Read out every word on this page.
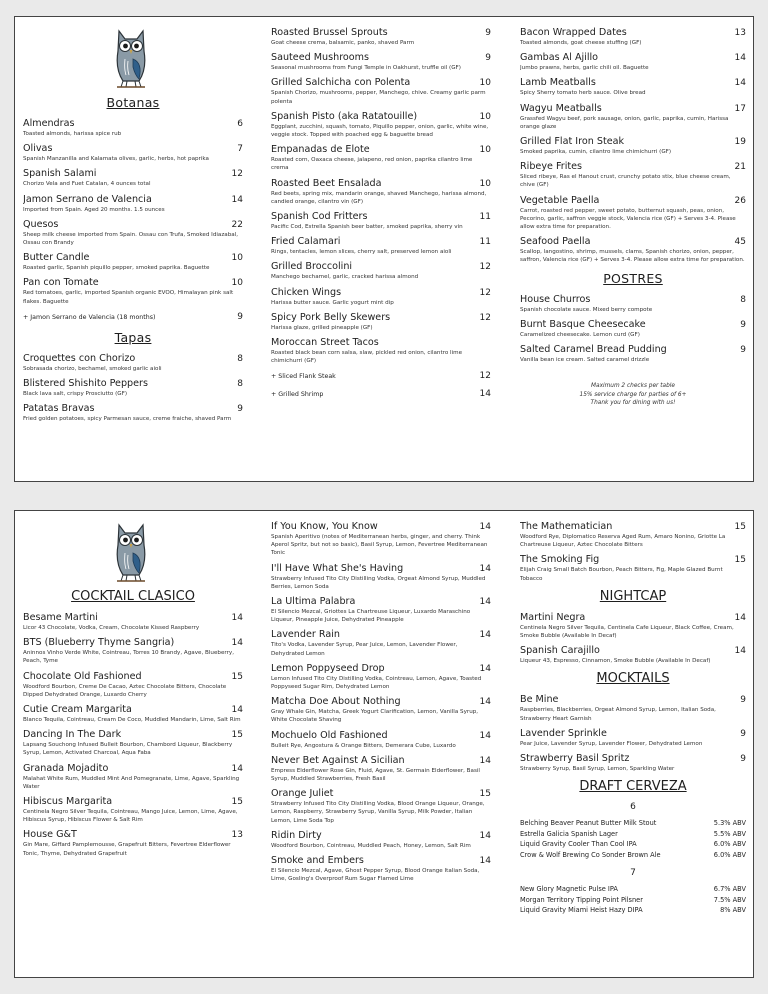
Botanas
Almendras	6
Toasted almonds, harissa spice rub
Olivas	7
Spanish Manzanilla and Kalamata olives, garlic, herbs, hot paprika
Spanish Salami	12
Chorizo Vela and Fuet Catalan, 4 ounces total
Jamon Serrano de Valencia	14
Imported from Spain. Aged 20 months. 1.5 ounces
Quesos	22
Sheep milk cheese imported from Spain. Ossau con Trufa, Smoked Idiazabal, Ossau con Brandy
Butter Candle	10
Roasted garlic, Spanish piquillo pepper, smoked paprika. Baguette
Pan con Tomate	10
Red tomatoes, garlic, imported Spanish organic EVOO, Himalayan pink salt flakes. Baguette
+ Jamon Serrano de Valencia (18 months)	9
Tapas
Croquettes con Chorizo	8
Sobrasada chorizo, bechamel, smoked garlic aioli
Blistered Shishito Peppers	8
Black lava salt, crispy Prosciutto (GF)
Patatas Bravas	9
Fried golden potatoes, spicy Parmesan sauce, creme fraiche, shaved Parm
Roasted Brussel Sprouts	9
Goat cheese crema, balsamic, panko, shaved Parm
Sauteed Mushrooms	9
Seasonal mushrooms from Fungi Temple in Oakhurst, truffle oil (GF)
Grilled Salchicha con Polenta	10
Spanish Chorizo, mushrooms, pepper, Manchego, chive. Creamy garlic parm polenta
Spanish Pisto (aka Ratatouille)	10
Eggplant, zucchini, squash, tomato, Piquillo pepper, onion, garlic, white wine, veggie stock. Topped with poached egg & baguette bread
Empanadas de Elote	10
Roasted corn, Oaxaca cheese, jalapeno, red onion, paprika cilantro lime crema
Roasted Beet Ensalada	10
Red beets, spring mix, mandarin orange, shaved Manchego, harissa almond, candied orange, cilantro vin (GF)
Spanish Cod Fritters	11
Pacific Cod, Estrella Spanish beer batter, smoked paprika, sherry vin
Fried Calamari	11
Rings, tentacles, lemon slices, cherry salt, preserved lemon aioli
Grilled Broccolini	12
Manchego bechamel, garlic, cracked harissa almond
Chicken Wings	12
Harissa butter sauce. Garlic yogurt mint dip
Spicy Pork Belly Skewers	12
Harissa glaze, grilled pineapple (GF)
Moroccan Street Tacos
Roasted black bean corn salsa, slaw, pickled red onion, cilantro lime chimichurri (GF)
+ Sliced Flank Steak	12
+ Grilled Shrimp	14
Bacon Wrapped Dates	13
Toasted almonds, goat cheese stuffing (GF)
Gambas Al Ajillo	14
Jumbo prawns, herbs, garlic chili oil. Baguette
Lamb Meatballs	14
Spicy Sherry tomato herb sauce. Olive bread
Wagyu Meatballs	17
Grassfed Wagyu beef, pork sausage, onion, garlic, paprika, cumin, Harissa orange glaze
Grilled Flat Iron Steak	19
Smoked paprika, cumin, cilantro lime chimichurri (GF)
Ribeye Frites	21
Sliced ribeye, Ras el Hanout crust, crunchy potato stix, blue cheese cream, chive (GF)
Vegetable Paella	26
Carrot, roasted red pepper, sweet potato, butternut squash, peas, onion, Pecorino, garlic, saffron veggie stock, Valencia rice (GF) + Serves 3-4. Please allow extra time for preparation.
Seafood Paella	45
Scallop, langostino, shrimp, mussels, clams, Spanish chorizo, onion, pepper, saffron, Valencia rice (GF) + Serves 3-4. Please allow extra time for preparation.
POSTRES
House Churros	8
Spanish chocolate sauce. Mixed berry compote
Burnt Basque Cheesecake	9
Caramelized cheesecake. Lemon curd (GF)
Salted Caramel Bread Pudding	9
Vanilla bean ice cream. Salted caramel drizzle
Maximum 2 checks per table
15% service charge for parties of 6+
Thank you for dining with us!
COCKTAIL CLASICO
Besame Martini	14
Licor 43 Chocolate, Vodka, Cream, Chocolate Kissed Raspberry
BTS (Blueberry Thyme Sangria)	14
Aninnos Vinho Verde White, Cointreau, Torres 10 Brandy, Agave, Blueberry, Peach, Tyme
Chocolate Old Fashioned	15
Woodford Bourbon, Creme De Cacao, Aztec Chocolate Bitters, Chocolate Dipped Dehydrated Orange, Luxardo Cherry
Cutie Cream Margarita	14
Blanco Tequila, Cointreau, Cream De Coco, Muddled Mandarin, Lime, Salt Rim
Dancing In The Dark	15
Lapsang Souchong Infused Bulleit Bourbon, Chambord Liqueur, Blackberry Syrup, Lemon, Activated Charcoal, Aqua Faba
Granada Mojadito	14
Malahat White Rum, Muddled Mint And Pomegranate, Lime, Agave, Sparkling Water
Hibiscus Margarita	15
Centinela Negro Silver Tequila, Cointreau, Mango Juice, Lemon, Lime, Agave, Hibiscus Syrup, Hibiscus Flower & Salt Rim
House G&T	13
Gin Mare, Giffard Pamplemousse, Grapefruit Bitters, Fevertree Elderflower Tonic, Thyme, Dehydrated Grapefruit
If You Know, You Know	14
Spanish Aperitivo (notes of Mediterranean herbs, ginger, and cherry. Think Aperol Spritz, but not so basic), Basil Syrup, Lemon, Fevertree Mediterranean Tonic
I'll Have What She's Having	14
Strawberry Infused Tito City Distilling Vodka, Orgeat Almond Syrup, Muddled Berries, Lemon Soda
La Ultima Palabra	14
El Silencio Mezcal, Griottes La Chartreuse Liqueur, Luxardo Maraschino Liqueur, Pineapple Juice, Dehydrated Pineapple
Lavender Rain	14
Tito's Vodka, Lavender Syrup, Pear Juice, Lemon, Lavender Flower, Dehydrated Lemon
Lemon Poppyseed Drop	14
Lemon Infused Tito City Distilling Vodka, Cointreau, Lemon, Agave, Toasted Poppyseed Sugar Rim, Dehydrated Lemon
Matcha Doe About Nothing	14
Gray Whale Gin, Matcha, Greek Yogurt Clarification, Lemon, Vanilla Syrup, White Chocolate Shaving
Mochuelo Old Fashioned	14
Bulleit Rye, Angostura & Orange Bitters, Demerara Cube, Luxardo
Never Bet Against A Sicilian	14
Empress Elderflower Rose Gin, Fluid, Agave, St. Germain Elderflower, Basil Syrup, Muddled Strawberries, Fresh Basil
Orange Juliet	15
Strawberry Infused Tito City Distilling Vodka, Blood Orange Liqueur, Orange, Lemon, Raspberry, Strawberry Syrup, Vanilla Syrup, Milk Powder, Italian Lemon, Lime Soda Top
Ridin Dirty	14
Woodford Bourbon, Cointreau, Muddled Peach, Honey, Lemon, Salt Rim
Smoke and Embers	14
El Silencio Mezcal, Agave, Ghost Pepper Syrup, Blood Orange Italian Soda, Lime, Gosling's Overproof Rum Sugar Flamed Lime
The Mathematician	15
Woodford Rye, Diplomatico Reserva Aged Rum, Amaro Nonino, Griotte La Chartreuse Liqueur, Aztec Chocolate Bitters
The Smoking Fig	15
Elijah Craig Small Batch Bourbon, Peach Bitters, Fig, Maple Glazed Burnt Tobacco
NIGHTCAP
Martini Negra	14
Centinela Negro Silver Tequila, Centinela Cafe Liqueur, Black Coffee, Cream, Smoke Bubble (Available In Decaf)
Spanish Carajillo	14
Liqueur 43, Espresso, Cinnamon, Smoke Bubble (Available In Decaf)
MOCKTAILS
Be Mine	9
Raspberries, Blackberries, Orgeat Almond Syrup, Lemon, Italian Soda, Strawberry Heart Garnish
Lavender Sprinkle	9
Pear Juice, Lavender Syrup, Lavender Flower, Dehydrated Lemon
Strawberry Basil Spritz	9
Strawberry Syrup, Basil Syrup, Lemon, Sparkling Water
DRAFT CERVEZA
6
Belching Beaver Peanut Butter Milk Stout	5.3% ABV
Estrella Galicia Spanish Lager	5.5% ABV
Liquid Gravity Cooler Than Cool IPA	6.0% ABV
Crow & Wolf Brewing Co Sonder Brown Ale	6.0% ABV
7
New Glory Magnetic Pulse IPA	6.7% ABV
Morgan Territory Tipping Point Pilsner	7.5% ABV
Liquid Gravity Miami Heist Hazy DIPA	8% ABV
